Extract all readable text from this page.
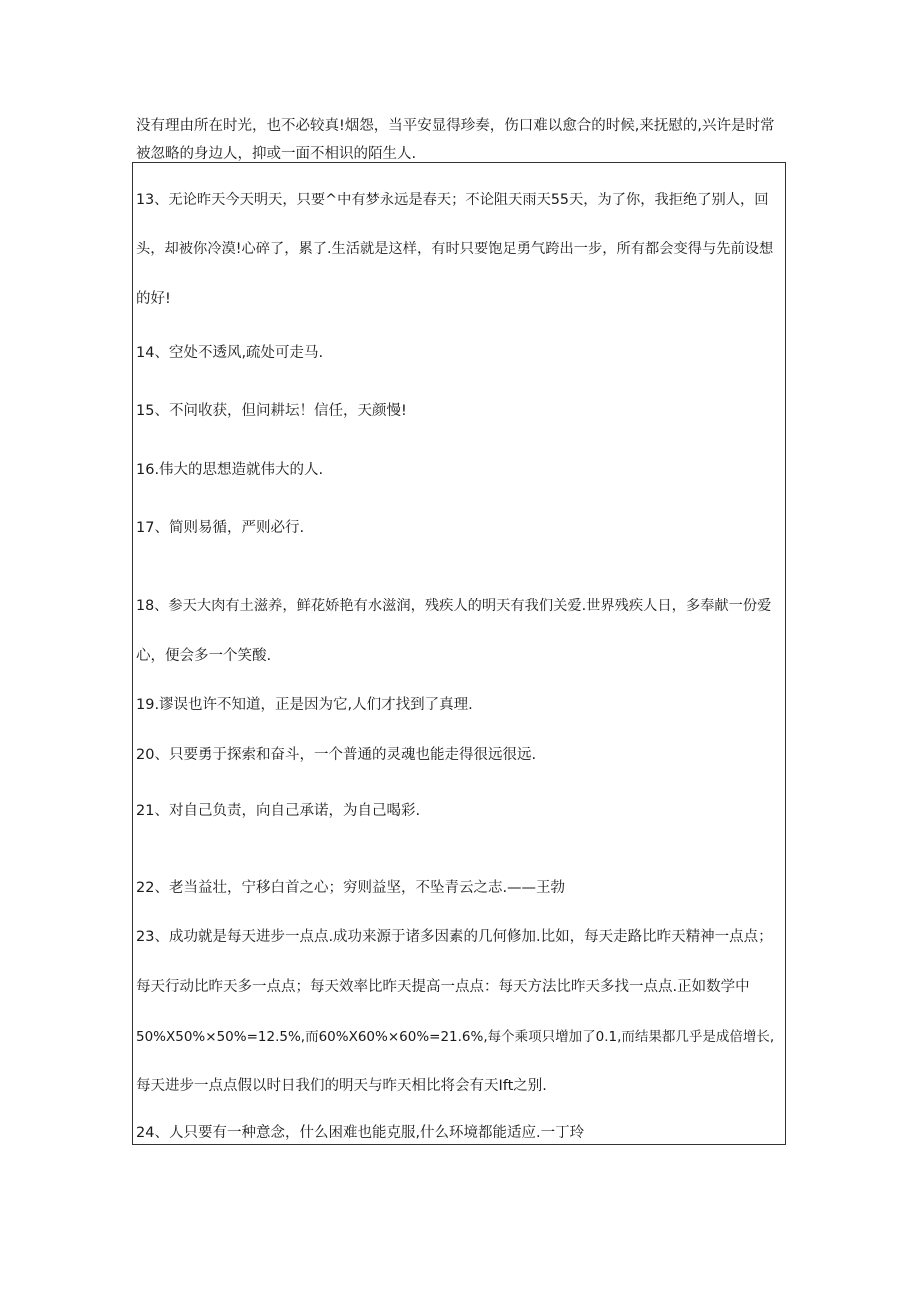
没有理由所在时光，也不必较真!烟怨，当平安显得珍奏，伤口难以愈合的时候,来抚慰的,兴许是时常

被忽略的身边人，抑或一面不相识的陌生人.

13、无论昨天今天明天，只要^中有梦永远是春天；不论阻天雨天55天，为了你，我拒绝了别人，回
头，却被你冷漠!心碎了，累了.生活就是这样，有时只要饱足勇气跨出一步，所有都会变得与先前设想
的好!
14、空处不透风,疏处可走马.
15、不问收获，但问耕坛！信任，天颜慢!
16.伟大的思想造就伟大的人.
17、简则易循，严则必行.
18、参天大肉有土滋养，鲜花娇艳有水滋润，残疾人的明天有我们关爱.世界残疾人日，多奉献一份爱
心，便会多一个笑酸.
19.谬误也许不知道，正是因为它,人们才找到了真理.
20、只要勇于探索和奋斗，一个普通的灵魂也能走得很远很远.
21、对自己负责，向自己承诺，为自己喝彩.
22、老当益壮，宁移白首之心；穷则益坚，不坠青云之志.——王勃
23、成功就是每天进步一点点.成功来源于诸多因素的几何修加.比如，每天走路比昨天精神一点点；
每天行动比昨天多一点点；每天效率比昨天提高一点点：每天方法比昨天多找一点点.正如数学中
50%X50%×50%=12.5%,而60%X60%×60%=21.6%,每个乘项只增加了0.1,而结果都几乎是成倍增长,
每天进步一点点假以时日我们的明天与昨天相比将会有天Ift之别.
24、人只要有一种意念，什么困难也能克服,什么环境都能适应.一丁玲
